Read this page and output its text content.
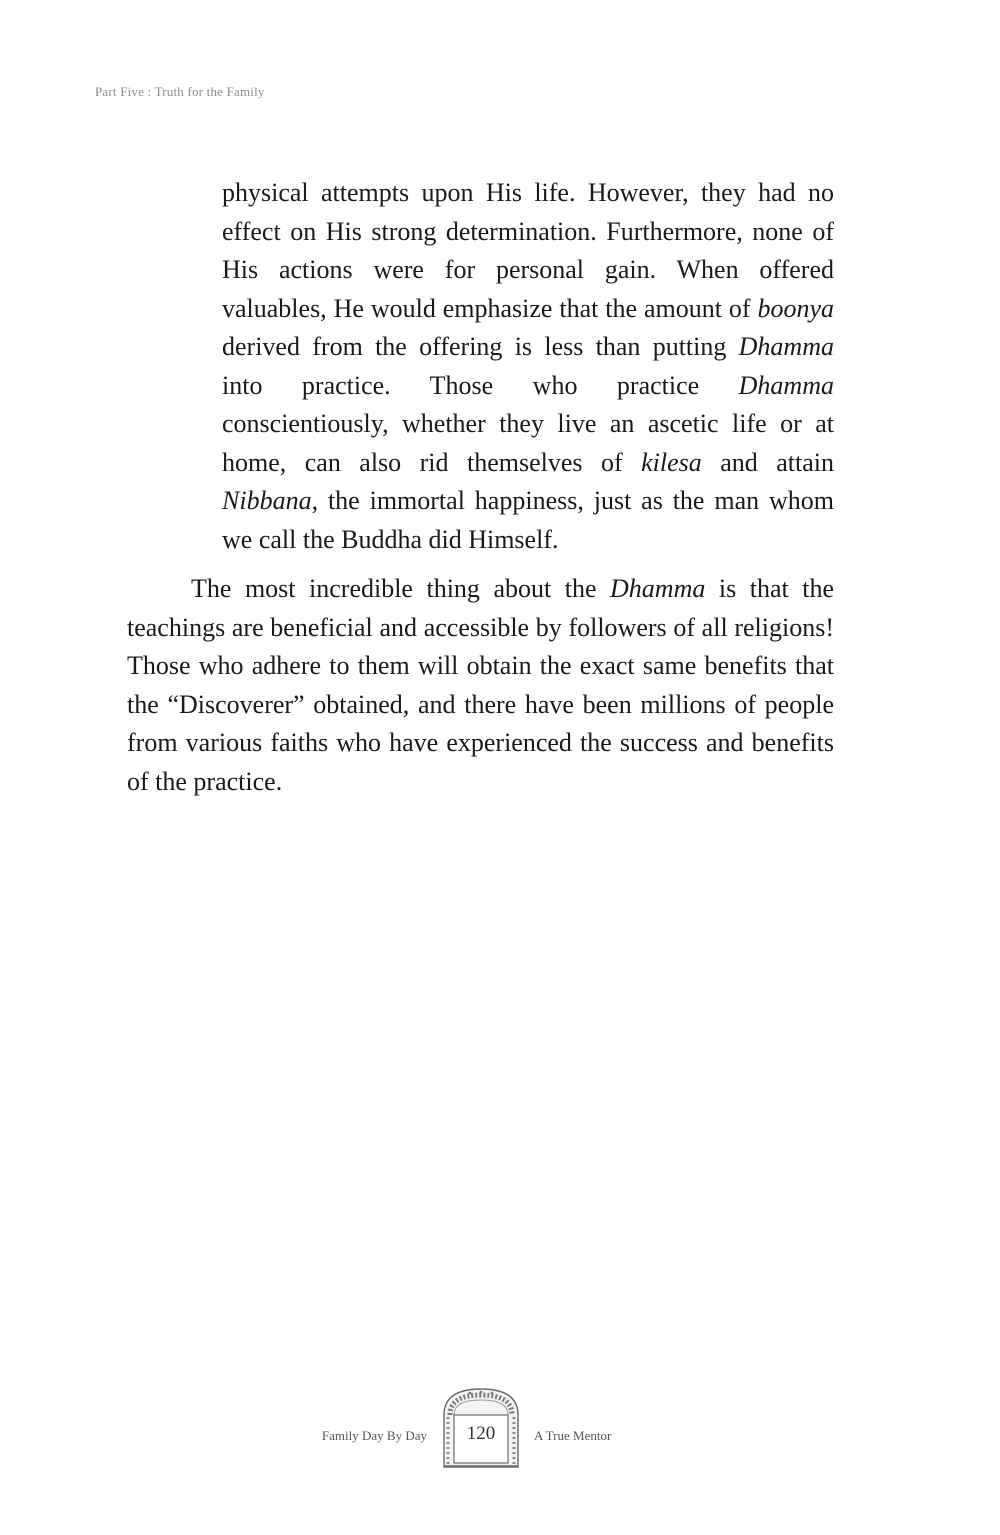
Part Five : Truth for the Family

physical attempts upon His life. However, they had no effect on His strong determination. Furthermore, none of His actions were for personal gain. When offered valuables, He would emphasize that the amount of boonya derived from the offering is less than putting Dhamma into practice. Those who practice Dhamma conscientiously, whether they live an ascetic life or at home, can also rid themselves of kilesa and attain Nibbana, the immortal happiness, just as the man whom we call the Buddha did Himself.

The most incredible thing about the Dhamma is that the teachings are beneficial and accessible by followers of all religions! Those who adhere to them will obtain the exact same benefits that the “Discoverer” obtained, and there have been millions of people from various faiths who have experienced the success and benefits of the practice.

Family Day By Day	120	A True Mentor
